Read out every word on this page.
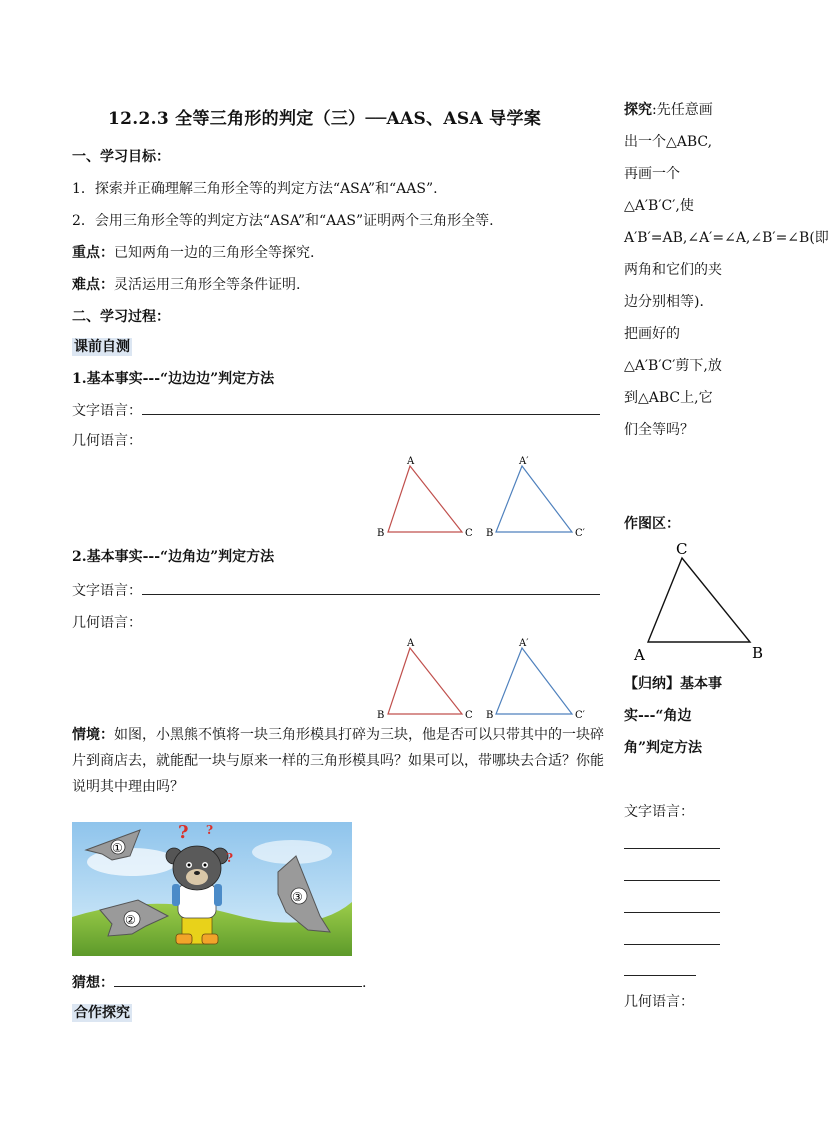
12.2.3 全等三角形的判定（三）──AAS、ASA 导学案
一、学习目标：
1．探索并正确理解三角形全等的判定方法“ASA”和“AAS”.
2．会用三角形全等的判定方法“ASA”和“AAS”证明两个三角形全等.
重点：已知两角一边的三角形全等探究.
难点：灵活运用三角形全等条件证明.
二、学习过程：
课前自测
1.基本事实---“边边边”判定方法
文字语言：
几何语言：
A
B	C
A′
B	C′
2.基本事实---“边角边”判定方法
文字语言：
几何语言：
A
B	C
A′
B	C′
情境：如图，小黑熊不慎将一块三角形模具打碎为三块，他是否可以只带其中的一块碎片到商店去，就能配一块与原来一样的三角形模具吗？如果可以，带哪块去合适？你能说明其中理由吗？
①
②
③
? ?
?
猜想：	.
合作探究
探究:先任意画出一个△ABC,再画一个△A′B′C′,使A′B′=AB,∠A′=∠A,∠B′=∠B(即两角和它们的夹边分别相等)．把画好的△A′B′C′剪下,放到△ABC上,它们全等吗？
作图区：
C
A	B
【归纳】基本事实---“角边角”判定方法
文字语言：
几何语言：
